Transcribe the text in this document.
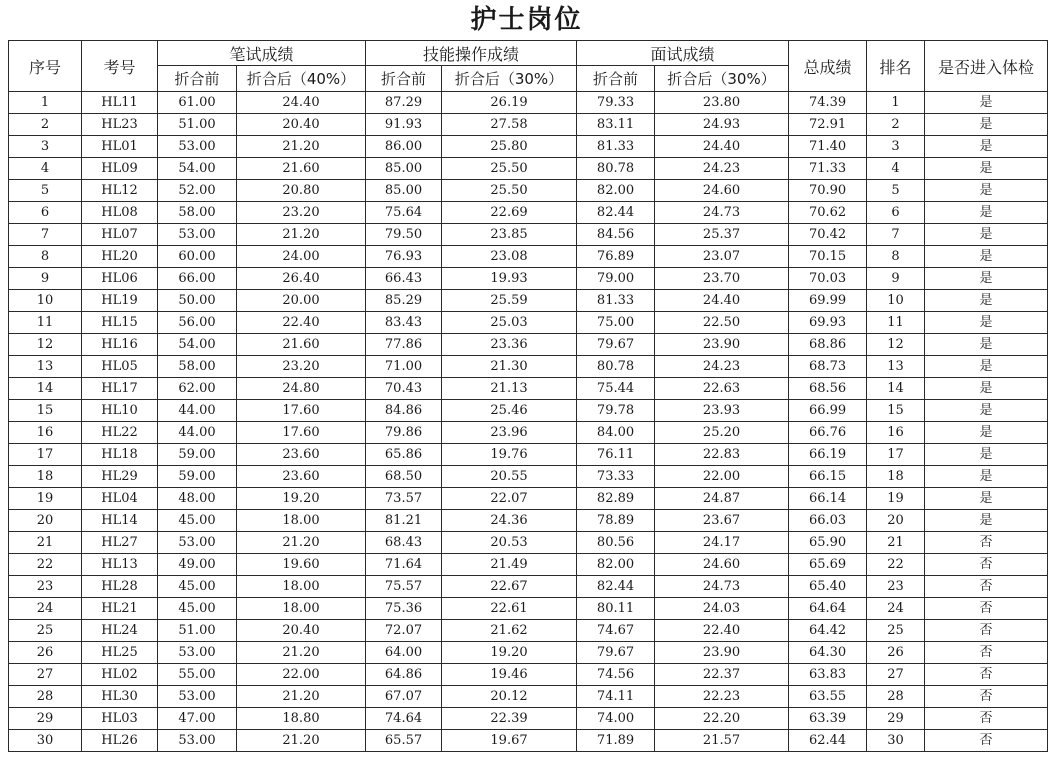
护士岗位
序号	考号	笔试成绩		技能操作成绩		面试成绩		总成绩	排名	是否进入体检
		折合前	折合后（40%）	折合前	折合后（30%）	折合前	折合后（30%）			
1	HL11	61.00	24.40	87.29	26.19	79.33	23.80	74.39	1	是
2	HL23	51.00	20.40	91.93	27.58	83.11	24.93	72.91	2	是
3	HL01	53.00	21.20	86.00	25.80	81.33	24.40	71.40	3	是
4	HL09	54.00	21.60	85.00	25.50	80.78	24.23	71.33	4	是
5	HL12	52.00	20.80	85.00	25.50	82.00	24.60	70.90	5	是
6	HL08	58.00	23.20	75.64	22.69	82.44	24.73	70.62	6	是
7	HL07	53.00	21.20	79.50	23.85	84.56	25.37	70.42	7	是
8	HL20	60.00	24.00	76.93	23.08	76.89	23.07	70.15	8	是
9	HL06	66.00	26.40	66.43	19.93	79.00	23.70	70.03	9	是
10	HL19	50.00	20.00	85.29	25.59	81.33	24.40	69.99	10	是
11	HL15	56.00	22.40	83.43	25.03	75.00	22.50	69.93	11	是
12	HL16	54.00	21.60	77.86	23.36	79.67	23.90	68.86	12	是
13	HL05	58.00	23.20	71.00	21.30	80.78	24.23	68.73	13	是
14	HL17	62.00	24.80	70.43	21.13	75.44	22.63	68.56	14	是
15	HL10	44.00	17.60	84.86	25.46	79.78	23.93	66.99	15	是
16	HL22	44.00	17.60	79.86	23.96	84.00	25.20	66.76	16	是
17	HL18	59.00	23.60	65.86	19.76	76.11	22.83	66.19	17	是
18	HL29	59.00	23.60	68.50	20.55	73.33	22.00	66.15	18	是
19	HL04	48.00	19.20	73.57	22.07	82.89	24.87	66.14	19	是
20	HL14	45.00	18.00	81.21	24.36	78.89	23.67	66.03	20	是
21	HL27	53.00	21.20	68.43	20.53	80.56	24.17	65.90	21	否
22	HL13	49.00	19.60	71.64	21.49	82.00	24.60	65.69	22	否
23	HL28	45.00	18.00	75.57	22.67	82.44	24.73	65.40	23	否
24	HL21	45.00	18.00	75.36	22.61	80.11	24.03	64.64	24	否
25	HL24	51.00	20.40	72.07	21.62	74.67	22.40	64.42	25	否
26	HL25	53.00	21.20	64.00	19.20	79.67	23.90	64.30	26	否
27	HL02	55.00	22.00	64.86	19.46	74.56	22.37	63.83	27	否
28	HL30	53.00	21.20	67.07	20.12	74.11	22.23	63.55	28	否
29	HL03	47.00	18.80	74.64	22.39	74.00	22.20	63.39	29	否
30	HL26	53.00	21.20	65.57	19.67	71.89	21.57	62.44	30	否
